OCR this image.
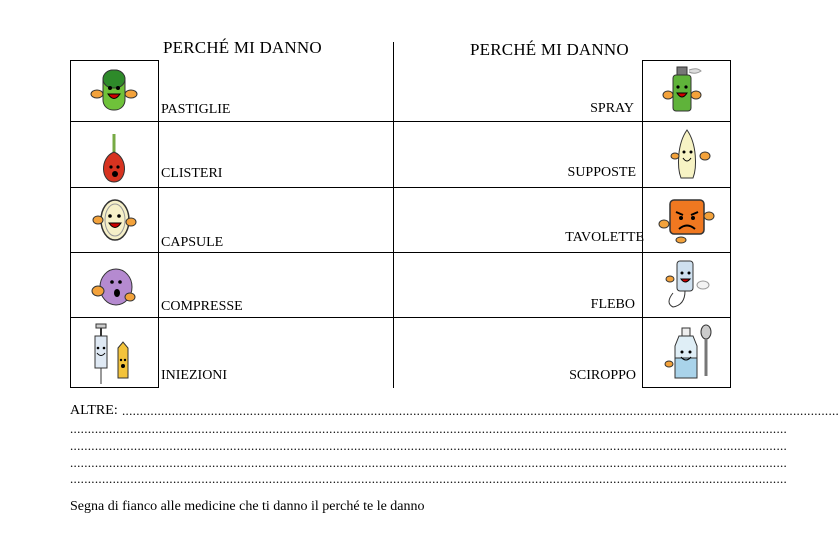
PERCHÉ MI DANNO	PERCHÉ MI DANNO
PASTIGLIE
CLISTERI
CAPSULE
COMPRESSE
INIEZIONI
SPRAY
SUPPOSTE
TAVOLETTE
FLEBO
SCIROPPO
ALTRE: ..........................................................................................................................................................................................................
..........................................................................................................................................................................................................
..........................................................................................................................................................................................................
..........................................................................................................................................................................................................
..........................................................................................................................................................................................................
Segna di fianco alle medicine che ti danno il perché te le danno
